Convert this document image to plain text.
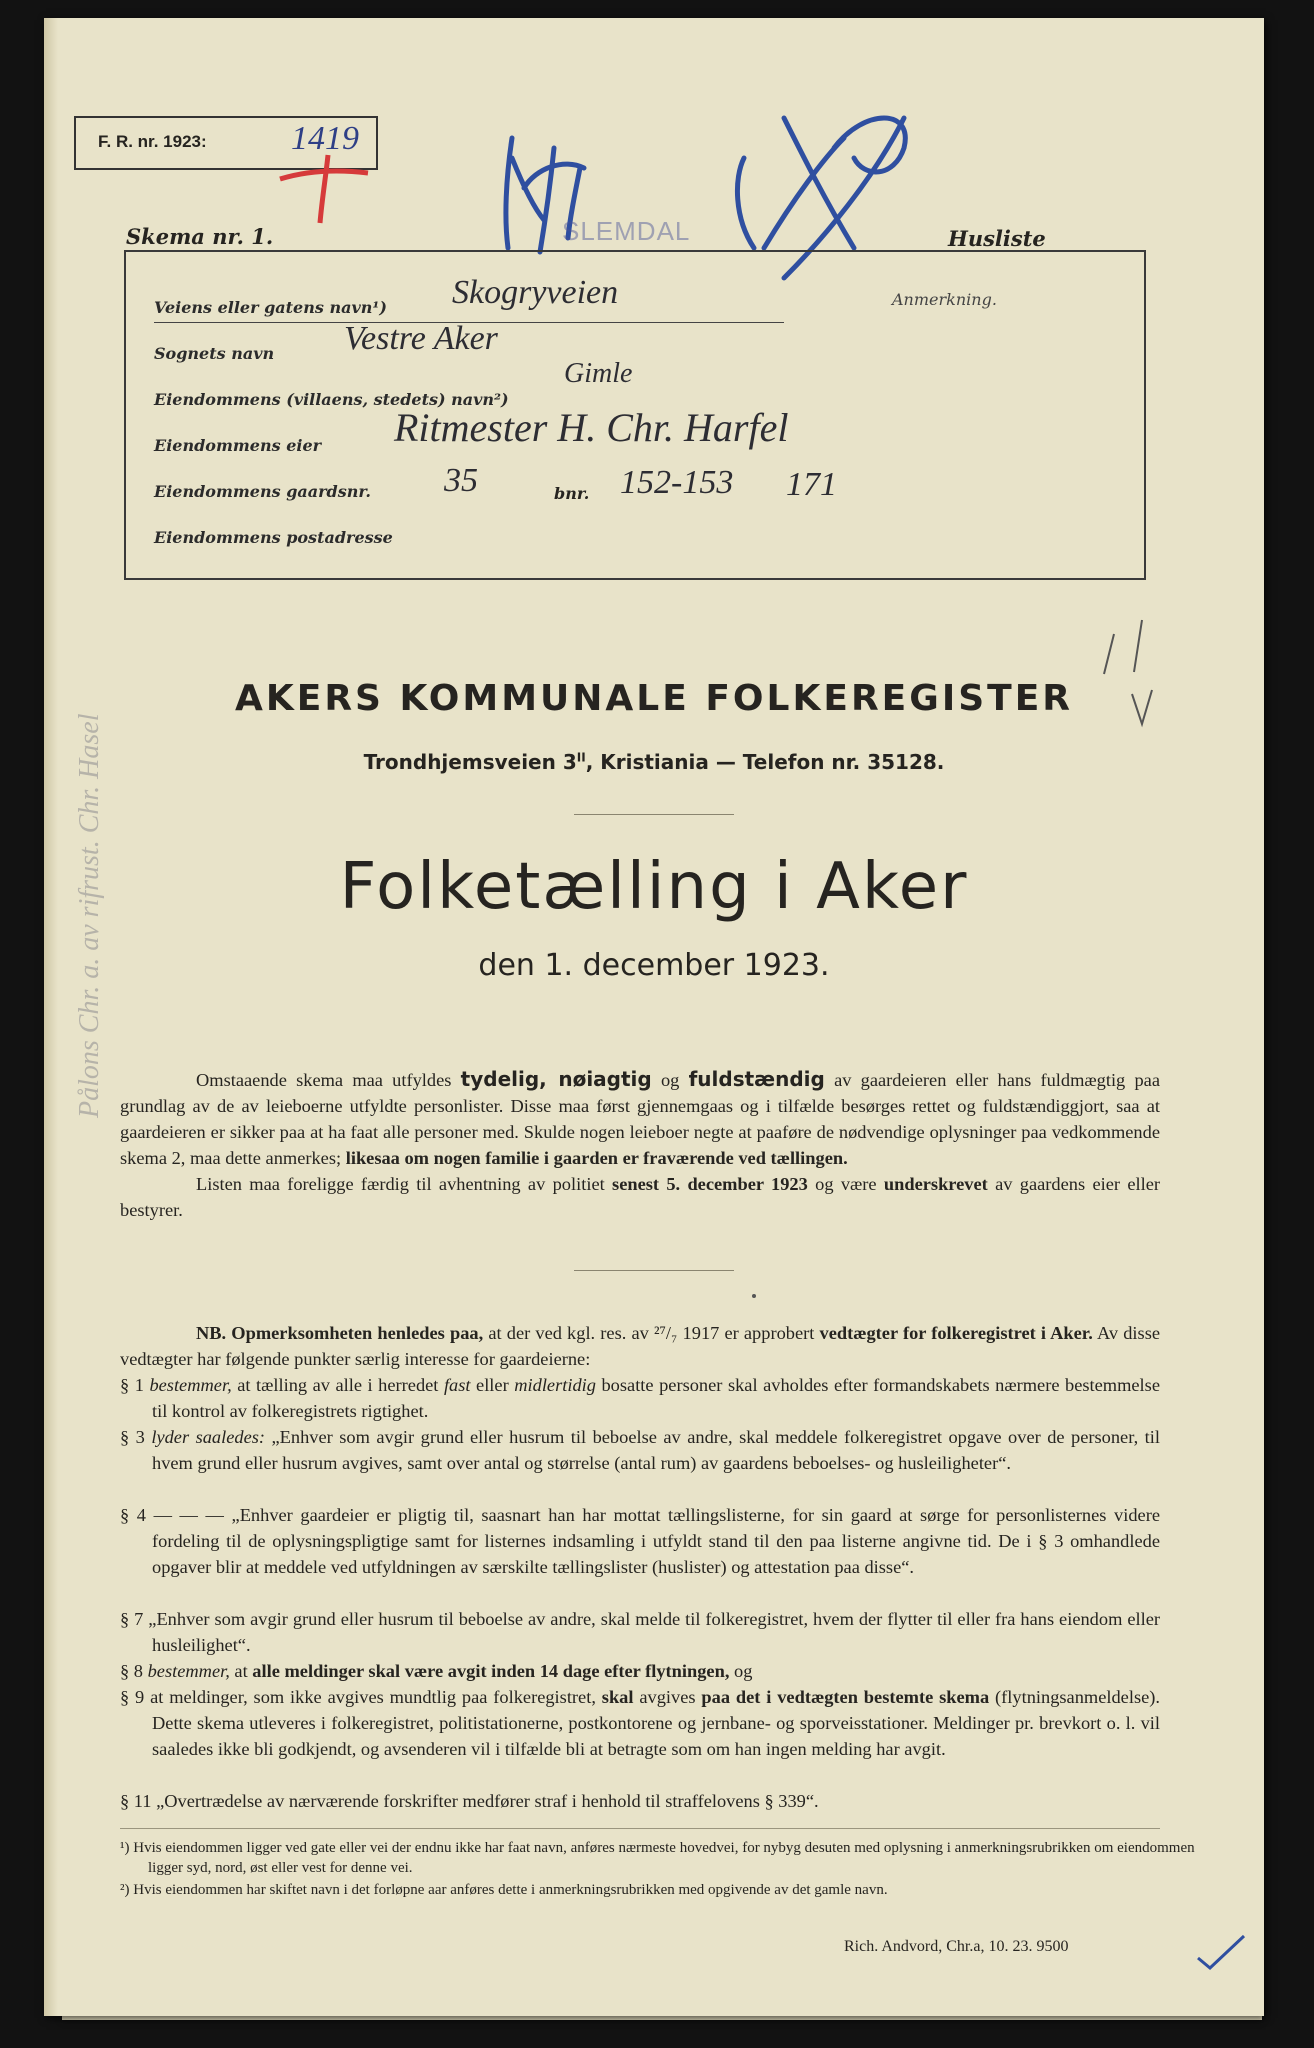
Pålons Chr. a. av rifrust. Chr. Hasel
F. R. nr. 1923: 1419
SLEMDAL
Skema nr. 1.	Husliste
Anmerkning.
Veiens eller gatens navn¹) Skogryveien
Sognets navn Vestre Aker
Eiendommens (villaens, stedets) navn²)
Gimle
Eiendommens eier Ritmester H. Chr. Harfel
Eiendommens gaardsnr. 35	bnr. 152-153 171
Eiendommens postadresse
AKERS KOMMUNALE FOLKEREGISTER
Trondhjemsveien $3^{II}$, Kristiania — Telefon nr. 35128.
Folketælling i Aker
den 1. december 1923.
Omstaaende skema maa utfyldes tydelig, nøiagtig og fuldstændig av gaardeieren eller hans fuldmægtig paa grundlag av de av leieboerne utfyldte personlister. Disse maa først gjennemgaas og i tilfælde besørges rettet og fuldstændiggjort, saa at gaardeieren er sikker paa at ha faat alle personer med. Skulde nogen leieboer negte at paaføre de nødvendige oplysninger paa vedkommende skema 2, maa dette anmerkes; likesaa om nogen familie i gaarden er fraværende ved tællingen.
Listen maa foreligge færdig til avhentning av politiet senest 5. december 1923 og være underskrevet av gaardens eier eller bestyrer.
NB. Opmerksomheten henledes paa, at der ved kgl. res. av ²⁷/₇ 1917 er approbert vedtægter for folkeregistret i Aker. Av disse vedtægter har følgende punkter særlig interesse for gaardeierne:
§ 1 bestemmer, at tælling av alle i herredet fast eller midlertidig bosatte personer skal avholdes efter formandskabets nærmere bestemmelse til kontrol av folkeregistrets rigtighet.
§ 3 lyder saaledes: „Enhver som avgir grund eller husrum til beboelse av andre, skal meddele folkeregistret opgave over de personer, til hvem grund eller husrum avgives, samt over antal og størrelse (antal rum) av gaardens beboelses- og husleiligheter“.
§ 4 — — — „Enhver gaardeier er pligtig til, saasnart han har mottat tællingslisterne, for sin gaard at sørge for personlisternes videre fordeling til de oplysningspligtige samt for listernes indsamling i utfyldt stand til den paa listerne angivne tid. De i § 3 omhandlede opgaver blir at meddele ved utfyldningen av særskilte tællingslister (huslister) og attestation paa disse“.
§ 7 „Enhver som avgir grund eller husrum til beboelse av andre, skal melde til folkeregistret, hvem der flytter til eller fra hans eiendom eller husleilighet“.
§ 8 bestemmer, at alle meldinger skal være avgit inden 14 dage efter flytningen, og
§ 9 at meldinger, som ikke avgives mundtlig paa folkeregistret, skal avgives paa det i vedtægten bestemte skema (flytningsanmeldelse). Dette skema utleveres i folkeregistret, politistationerne, postkontorene og jernbane- og sporveisstationer. Meldinger pr. brevkort o. l. vil saaledes ikke bli godkjendt, og avsenderen vil i tilfælde bli at betragte som om han ingen melding har avgit.
§ 11 „Overtrædelse av nærværende forskrifter medfører straf i henhold til straffelovens § 339“.
¹) Hvis eiendommen ligger ved gate eller vei der endnu ikke har faat navn, anføres nærmeste hovedvei, for nybyg desuten med oplysning i anmerkningsrubrikken om eiendommen ligger syd, nord, øst eller vest for denne vei.
²) Hvis eiendommen har skiftet navn i det forløpne aar anføres dette i anmerkningsrubrikken med opgivende av det gamle navn.
Rich. Andvord, Chr.a, 10. 23. 9500
